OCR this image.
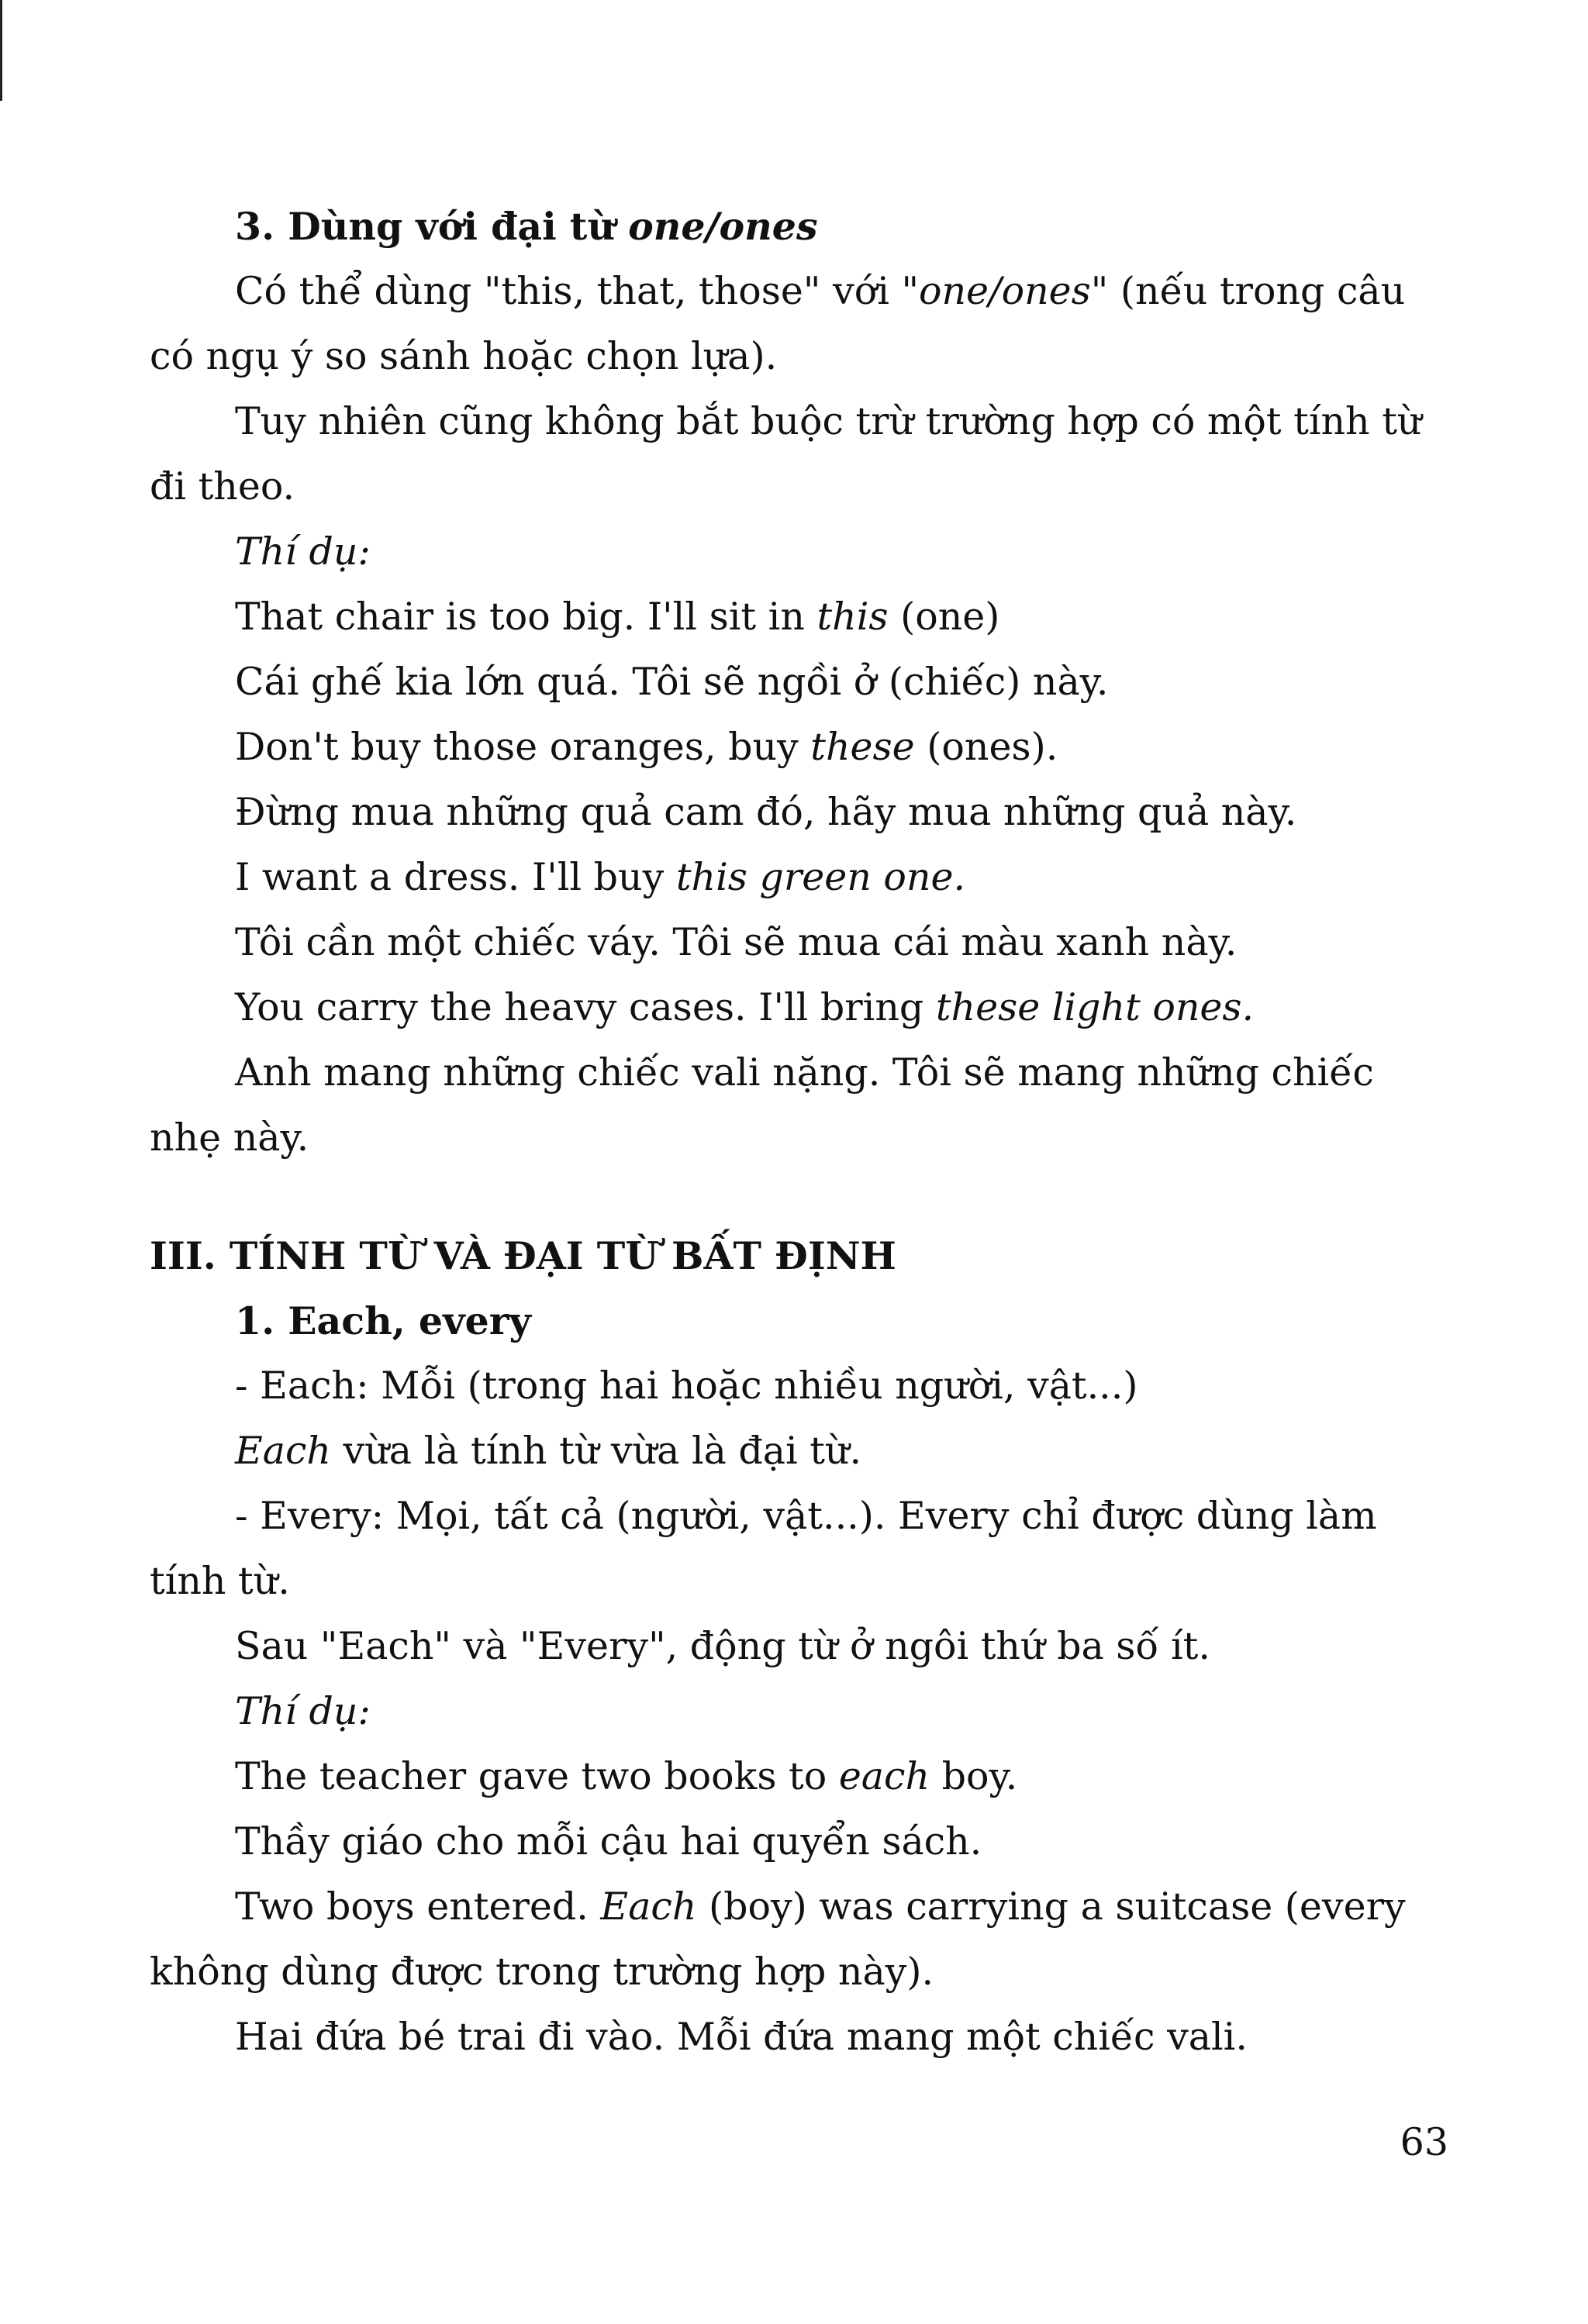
3. Dùng với đại từ one/ones
Có thể dùng "this, that, those" với "one/ones" (nếu trong câu
có ngụ ý so sánh hoặc chọn lựa).
Tuy nhiên cũng không bắt buộc trừ trường hợp có một tính từ
đi theo.
Thí dụ:
That chair is too big. I'll sit in this (one)
Cái ghế kia lớn quá. Tôi sẽ ngồi ở (chiếc) này.
Don't buy those oranges, buy these (ones).
Đừng mua những quả cam đó, hãy mua những quả này.
I want a dress. I'll buy this green one.
Tôi cần một chiếc váy. Tôi sẽ mua cái màu xanh này.
You carry the heavy cases. I'll bring these light ones.
Anh mang những chiếc vali nặng. Tôi sẽ mang những chiếc
nhẹ này.
III. TÍNH TỪ VÀ ĐẠI TỪ BẤT ĐỊNH
1. Each, every
- Each: Mỗi (trong hai hoặc nhiều người, vật...)
Each vừa là tính từ vừa là đại từ.
- Every: Mọi, tất cả (người, vật...). Every chỉ được dùng làm
tính từ.
Sau "Each" và "Every", động từ ở ngôi thứ ba số ít.
Thí dụ:
The teacher gave two books to each boy.
Thầy giáo cho mỗi cậu hai quyển sách.
Two boys entered. Each (boy) was carrying a suitcase (every
không dùng được trong trường hợp này).
Hai đứa bé trai đi vào. Mỗi đứa mang một chiếc vali.
63
